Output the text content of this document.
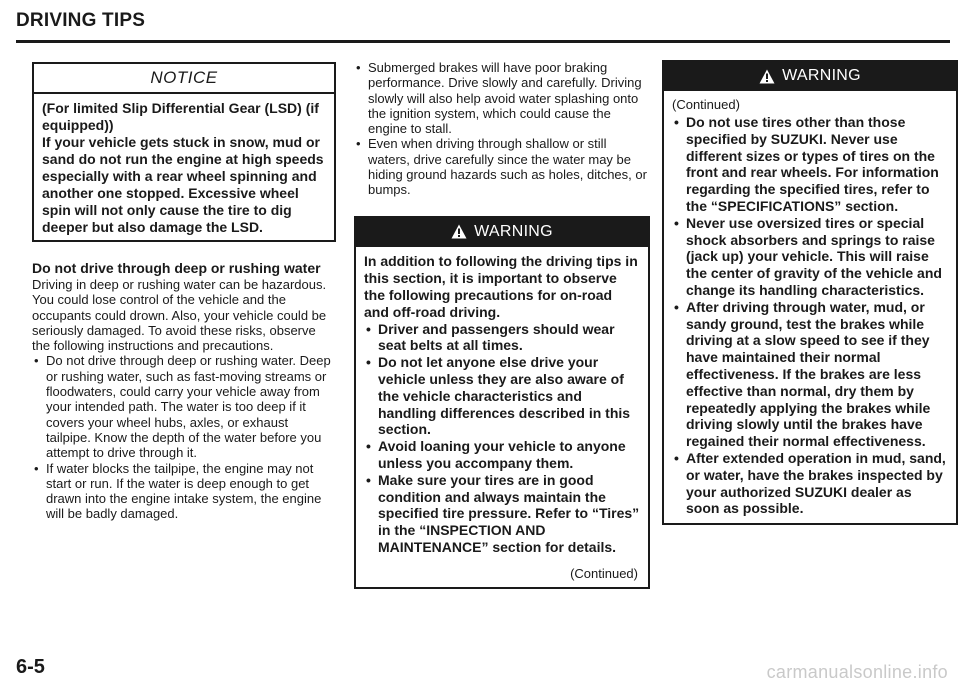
DRIVING TIPS
NOTICE

(For limited Slip Differential Gear (LSD) (if equipped))

If your vehicle gets stuck in snow, mud or sand do not run the engine at high speeds especially with a rear wheel spinning and another one stopped. Excessive wheel spin will not only cause the tire to dig deeper but also damage the LSD.

Do not drive through deep or rushing water

Driving in deep or rushing water can be hazardous. You could lose control of the vehicle and the occupants could drown. Also, your vehicle could be seriously damaged. To avoid these risks, observe the following instructions and precautions.

• Do not drive through deep or rushing water. Deep or rushing water, such as fast-moving streams or floodwaters, could carry your vehicle away from your intended path. The water is too deep if it covers your wheel hubs, axles, or exhaust tailpipe. Know the depth of the water before you attempt to drive through it.
• If water blocks the tailpipe, the engine may not start or run. If the water is deep enough to get drawn into the engine intake system, the engine will be badly damaged.
• Submerged brakes will have poor braking performance. Drive slowly and carefully. Driving slowly will also help avoid water splashing onto the ignition system, which could cause the engine to stall.
• Even when driving through shallow or still waters, drive carefully since the water may be hiding ground hazards such as holes, ditches, or bumps.
WARNING

In addition to following the driving tips in this section, it is important to observe the following precautions for on-road and off-road driving.

• Driver and passengers should wear seat belts at all times.
• Do not let anyone else drive your vehicle unless they are also aware of the vehicle characteristics and handling differences described in this section.
• Avoid loaning your vehicle to anyone unless you accompany them.
• Make sure your tires are in good condition and always maintain the specified tire pressure. Refer to “Tires” in the “INSPECTION AND MAINTENANCE” section for details.

(Continued)

WARNING

(Continued)

• Do not use tires other than those specified by SUZUKI. Never use different sizes or types of tires on the front and rear wheels. For information regarding the specified tires, refer to the “SPECIFICATIONS” section.
• Never use oversized tires or special shock absorbers and springs to raise (jack up) your vehicle. This will raise the center of gravity of the vehicle and change its handling characteristics.
• After driving through water, mud, or sandy ground, test the brakes while driving at a slow speed to see if they have maintained their normal effectiveness. If the brakes are less effective than normal, dry them by repeatedly applying the brakes while driving slowly until the brakes have regained their normal effectiveness.
• After extended operation in mud, sand, or water, have the brakes inspected by your authorized SUZUKI dealer as soon as possible.
6-5	carmanualsonline.info
